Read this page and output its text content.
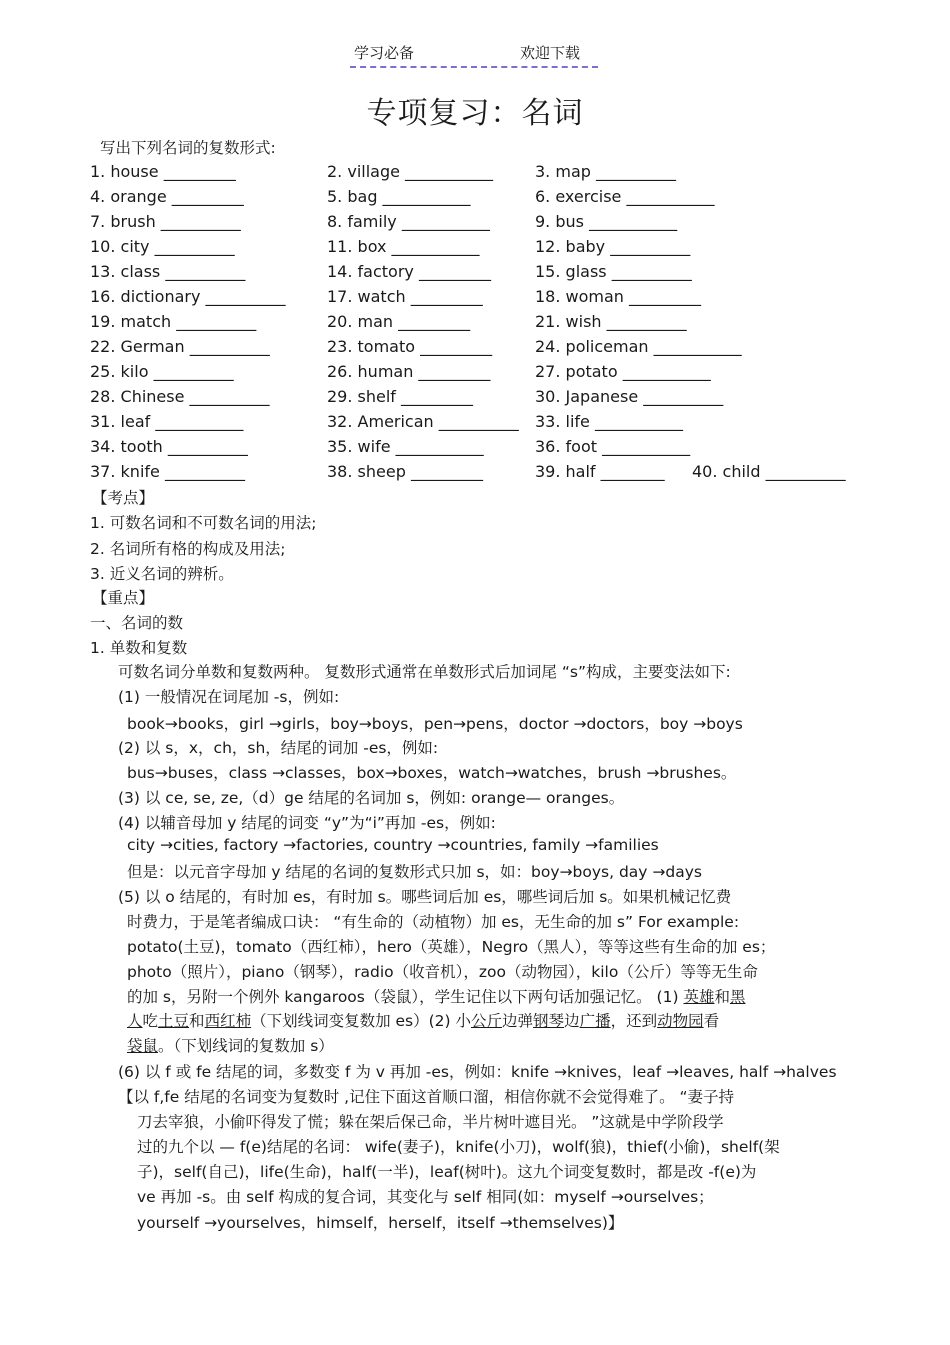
学习必备	欢迎下载
专项复习：名词
写出下列名词的复数形式:
1. house _________	2. village ___________	3. map __________
4. orange _________	5. bag ___________	6. exercise ___________
7. brush __________	8. family ___________	9. bus ___________
10. city __________	11. box ___________	12. baby __________
13. class __________	14. factory _________	15. glass __________
16. dictionary __________	17. watch _________	18. woman _________
19. match __________	20. man _________	21. wish __________
22. German __________	23. tomato _________	24. policeman ___________
25. kilo __________	26. human _________	27. potato ___________
28. Chinese __________	29. shelf _________	30. Japanese __________
31. leaf ___________	32. American __________ 33. life ___________
34. tooth __________	35. wife ___________	36. foot ___________
37. knife __________	38. sheep _________	39. half ________ 40. child __________
【考点】
1. 可数名词和不可数名词的用法;
2. 名词所有格的构成及用法;
3. 近义名词的辨析。
【重点】
一、名词的数
1. 单数和复数
可数名词分单数和复数两种。 复数形式通常在单数形式后加词尾 “s”构成，主要变法如下:
(1) 一般情况在词尾加 -s，例如:
book→books，girl →girls，boy→boys，pen→pens，doctor →doctors，boy →boys
(2) 以 s，x，ch，sh，结尾的词加 -es，例如:
bus→buses，class →classes，box→boxes，watch→watches，brush →brushes。
(3) 以 ce, se, ze,（d）ge 结尾的名词加 s，例如: orange— oranges。
(4) 以辅音母加 y 结尾的词变 “y”为“i”再加 -es，例如:
city →cities, factory →factories, country →countries, family →families
但是：以元音字母加 y 结尾的名词的复数形式只加 s，如：boy→boys, day →days
(5) 以 o 结尾的，有时加 es，有时加 s。哪些词后加 es，哪些词后加 s。如果机械记忆费
时费力，于是笔者编成口诀： “有生命的（动植物）加 es，无生命的加 s” For example:
potato(土豆)，tomato（西红柿），hero（英雄），Negro（黑人），等等这些有生命的加 es；
photo（照片），piano（钢琴），radio（收音机），zoo（动物园），kilo（公斤）等等无生命
的加 s，另附一个例外 kangaroos（袋鼠），学生记住以下两句话加强记忆。 (1) 英雄和黑
人吃土豆和西红柿（下划线词变复数加 es）(2) 小公斤边弹钢琴边广播，还到动物园看
袋鼠。（下划线词的复数加 s）
(6) 以 f 或 fe 结尾的词，多数变 f 为 v 再加 -es，例如：knife →knives，leaf →leaves, half →halves
【以 f,fe 结尾的名词变为复数时 ,记住下面这首顺口溜，相信你就不会觉得难了。 “妻子持
刀去宰狼，小偷吓得发了慌；躲在架后保己命，半片树叶遮目光。 ”这就是中学阶段学
过的九个以 — f(e)结尾的名词： wife(妻子)，knife(小刀)，wolf(狼)，thief(小偷)，shelf(架
子)，self(自己)，life(生命)，half(一半)，leaf(树叶)。这九个词变复数时，都是改 -f(e)为
ve 再加 -s。由 self 构成的复合词，其变化与 self 相同(如：myself →ourselves；
yourself →yourselves，himself，herself，itself →themselves)】
